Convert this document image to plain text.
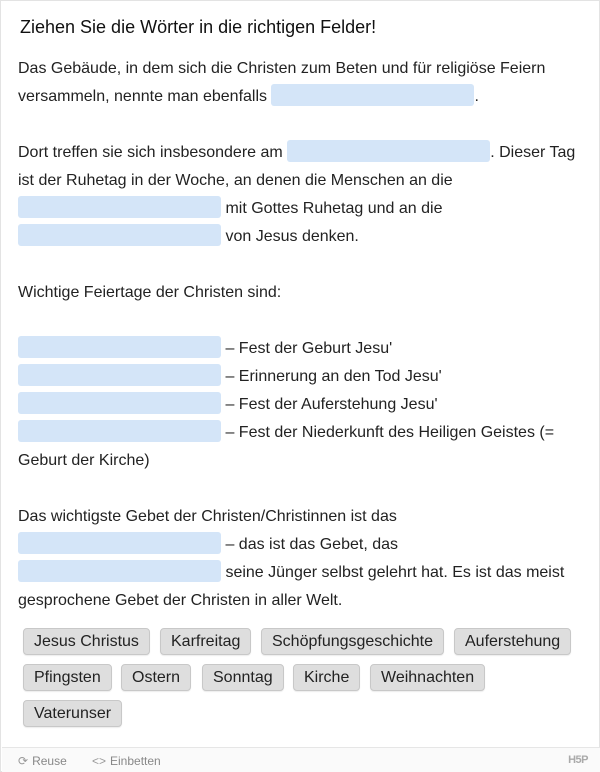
Ziehen Sie die Wörter in die richtigen Felder!

Das Gebäude, in dem sich die Christen zum Beten und für religiöse Feiern versammeln, nennte man ebenfalls	.

Dort treffen sie sich insbesondere am	. Dieser Tag ist der Ruhetag in der Woche, an denen die Menschen an die
mit Gottes Ruhetag und an die
von Jesus denken.

Wichtige Feiertage der Christen sind:

– Fest der Geburt Jesu'
– Erinnerung an den Tod Jesu'
– Fest der Auferstehung Jesu'
– Fest der Niederkunft des Heiligen Geistes (= Geburt der Kirche)

Das wichtigste Gebet der Christen/Christinnen ist das
– das ist das Gebet, das
seine Jünger selbst gelehrt hat. Es ist das meist gesprochene Gebet der Christen in aller Welt.

Jesus Christus	Karfreitag	Schöpfungsgeschichte	Auferstehung
Pfingsten	Ostern	Sonntag	Kirche	Weihnachten
Vaterunser
⟳ Reuse <> Einbetten	H5P
